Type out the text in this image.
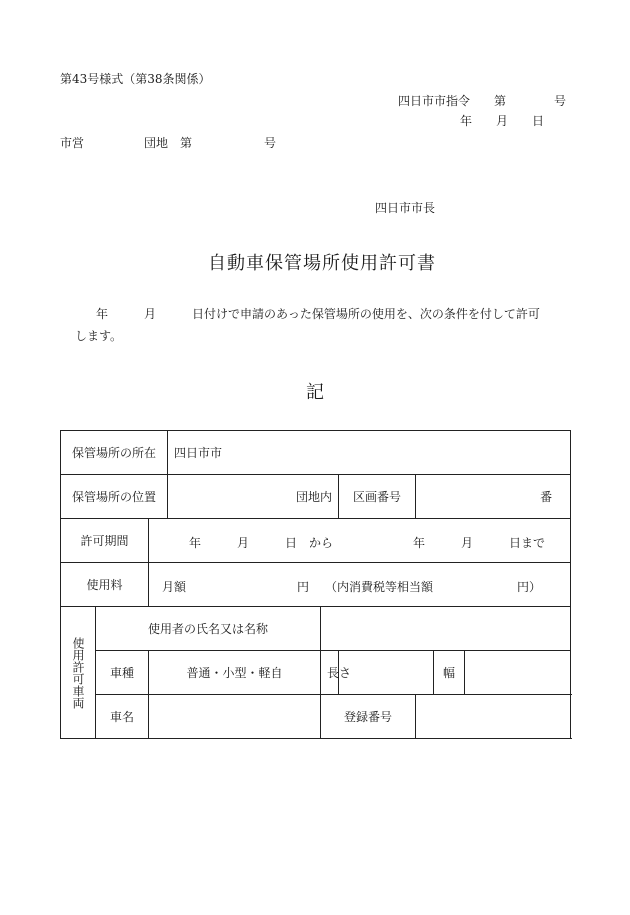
第43号様式（第38条関係）
四日市市指令　　第　　　　号
年　　月　　日
市営　　　　　団地　第　　　　　　号
四日市市長
自動車保管場所使用許可書
　　　年　　　月　　　日付けで申請のあった保管場所の使用を、次の条件を付して許可
します。
記
保管場所の所在			四日市市					
保管場所の位置			団地内		区画番号	番		
許可期間		年　　　月　　　日　から 年　　　月　　　日まで						

使用料		月額 円 （内消費税等相当額　　　　　　　円）						

使用許可車両	使用者の氏名又は名称							
	車種	普通・小型・軽自		長さ			幅	
	車名			登録番号				
